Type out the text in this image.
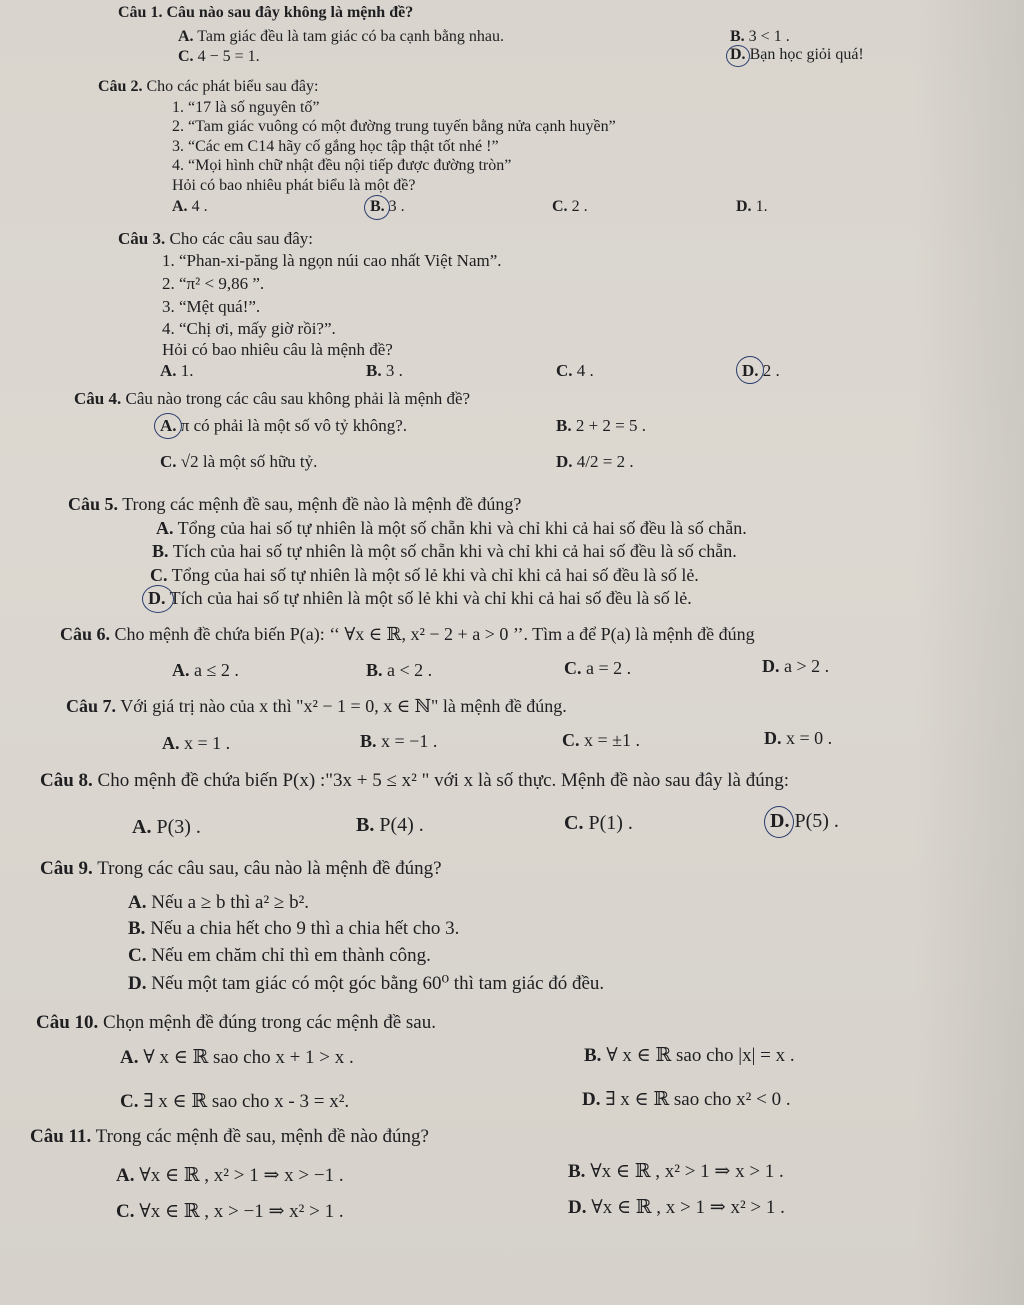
Câu 1. Câu nào sau đây không là mệnh đề?
A. Tam giác đều là tam giác có ba cạnh bằng nhau.	B. 3 < 1 .
C. 4 − 5 = 1.	D. Bạn học giỏi quá!
Câu 2. Cho các phát biểu sau đây:
1. “17 là số nguyên tố”
2. “Tam giác vuông có một đường trung tuyến bằng nửa cạnh huyền”
3. “Các em C14 hãy cố gắng học tập thật tốt nhé !”
4. “Mọi hình chữ nhật đều nội tiếp được đường tròn”
Hỏi có bao nhiêu phát biểu là một đề?
A. 4 .	B. 3 .	C. 2 .	D. 1.
Câu 3. Cho các câu sau đây:
1. “Phan-xi-păng là ngọn núi cao nhất Việt Nam”.
2. “π² < 9,86 ”.
3. “Mệt quá!”.
4. “Chị ơi, mấy giờ rồi?”.
Hỏi có bao nhiêu câu là mệnh đề?
A. 1.	B. 3 .	C. 4 .	D. 2 .
Câu 4. Câu nào trong các câu sau không phải là mệnh đề?
A. π có phải là một số vô tỷ không?.	B. 2 + 2 = 5 .
C. √2 là một số hữu tỷ.	D. 4/2 = 2 .
Câu 5. Trong các mệnh đề sau, mệnh đề nào là mệnh đề đúng?
A. Tổng của hai số tự nhiên là một số chẵn khi và chỉ khi cả hai số đều là số chẵn.
B. Tích của hai số tự nhiên là một số chẵn khi và chỉ khi cả hai số đều là số chẵn.
C. Tổng của hai số tự nhiên là một số lẻ khi và chỉ khi cả hai số đều là số lẻ.
D. Tích của hai số tự nhiên là một số lẻ khi và chỉ khi cả hai số đều là số lẻ.
Câu 6. Cho mệnh đề chứa biến P(a): ‘‘ ∀x ∈ ℝ, x² − 2 + a > 0 ’’. Tìm a để P(a) là mệnh đề đúng
A. a ≤ 2 .	B. a < 2 .	C. a = 2 .	D. a > 2 .
Câu 7. Với giá trị nào của x thì "x² − 1 = 0, x ∈ ℕ" là mệnh đề đúng.
A. x = 1 .	B. x = −1 .	C. x = ±1 .	D. x = 0 .
Câu 8. Cho mệnh đề chứa biến P(x) :"3x + 5 ≤ x² " với x là số thực. Mệnh đề nào sau đây là đúng:
A. P(3) .	B. P(4) .	C. P(1) .	D. P(5) .
Câu 9. Trong các câu sau, câu nào là mệnh đề đúng?
A. Nếu a ≥ b thì a² ≥ b².
B. Nếu a chia hết cho 9 thì a chia hết cho 3.
C. Nếu em chăm chỉ thì em thành công.
D. Nếu một tam giác có một góc bằng 60⁰ thì tam giác đó đều.
Câu 10. Chọn mệnh đề đúng trong các mệnh đề sau.
A. ∀ x ∈ ℝ sao cho x + 1 > x .	B. ∀ x ∈ ℝ sao cho |x| = x .
C. ∃ x ∈ ℝ sao cho x - 3 = x².	D. ∃ x ∈ ℝ sao cho x² < 0 .
Câu 11. Trong các mệnh đề sau, mệnh đề nào đúng?
A. ∀x ∈ ℝ , x² > 1 ⇒ x > −1 .	B. ∀x ∈ ℝ , x² > 1 ⇒ x > 1 .
C. ∀x ∈ ℝ , x > −1 ⇒ x² > 1 .	D. ∀x ∈ ℝ , x > 1 ⇒ x² > 1 .
